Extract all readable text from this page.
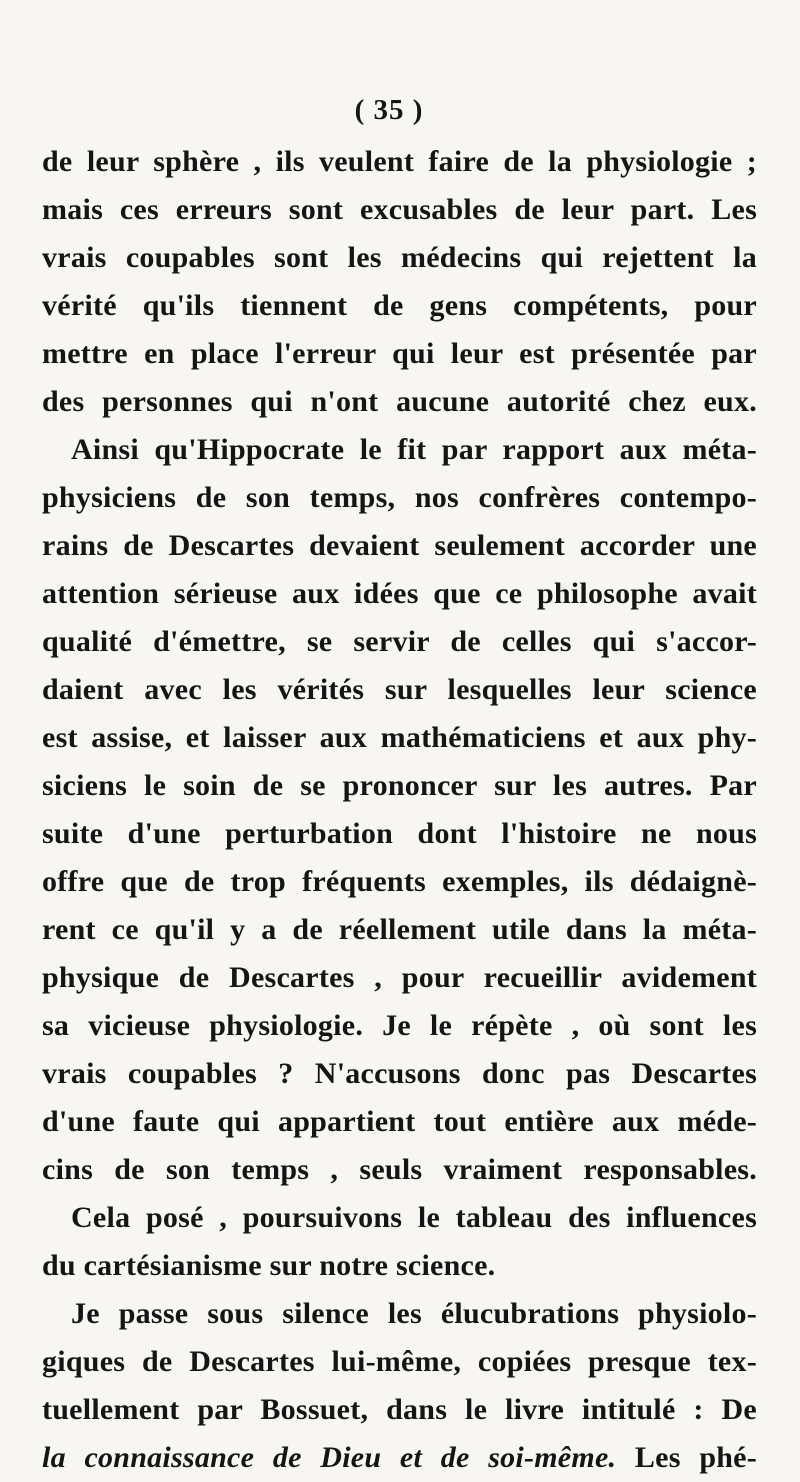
( 35 )
de leur sphère , ils veulent faire de la physiologie ;
mais ces erreurs sont excusables de leur part. Les
vrais coupables sont les médecins qui rejettent la
vérité qu'ils tiennent de gens compétents, pour
mettre en place l'erreur qui leur est présentée par
des personnes qui n'ont aucune autorité chez eux.
Ainsi qu'Hippocrate le fit par rapport aux méta-
physiciens de son temps, nos confrères contempo-
rains de Descartes devaient seulement accorder une
attention sérieuse aux idées que ce philosophe avait
qualité d'émettre, se servir de celles qui s'accor-
daient avec les vérités sur lesquelles leur science
est assise, et laisser aux mathématiciens et aux phy-
siciens le soin de se prononcer sur les autres. Par
suite d'une perturbation dont l'histoire ne nous
offre que de trop fréquents exemples, ils dédaignè-
rent ce qu'il y a de réellement utile dans la méta-
physique de Descartes , pour recueillir avidement
sa vicieuse physiologie. Je le répète , où sont les
vrais coupables ? N'accusons donc pas Descartes
d'une faute qui appartient tout entière aux méde-
cins de son temps , seuls vraiment responsables.
Cela posé , poursuivons le tableau des influences
du cartésianisme sur notre science.
Je passe sous silence les élucubrations physiolo-
giques de Descartes lui-même, copiées presque tex-
tuellement par Bossuet, dans le livre intitulé : De
la connaissance de Dieu et de soi-même. Les phé-
